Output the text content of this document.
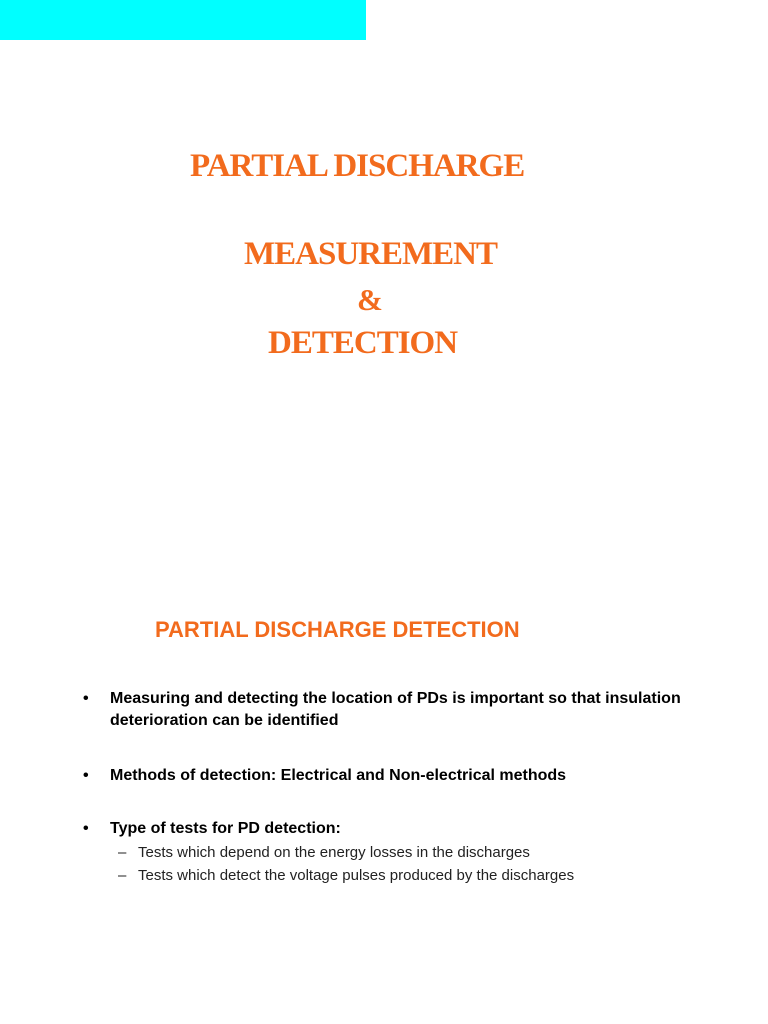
PARTIAL DISCHARGE
MEASUREMENT
&
DETECTION
PARTIAL DISCHARGE DETECTION
•	Measuring and detecting the location of PDs is important so that insulation deterioration can be identified
•	Methods of detection: Electrical and Non-electrical methods
•	Type of tests for PD detection:
– Tests which depend on the energy losses in the discharges
– Tests which detect the voltage pulses produced by the discharges
